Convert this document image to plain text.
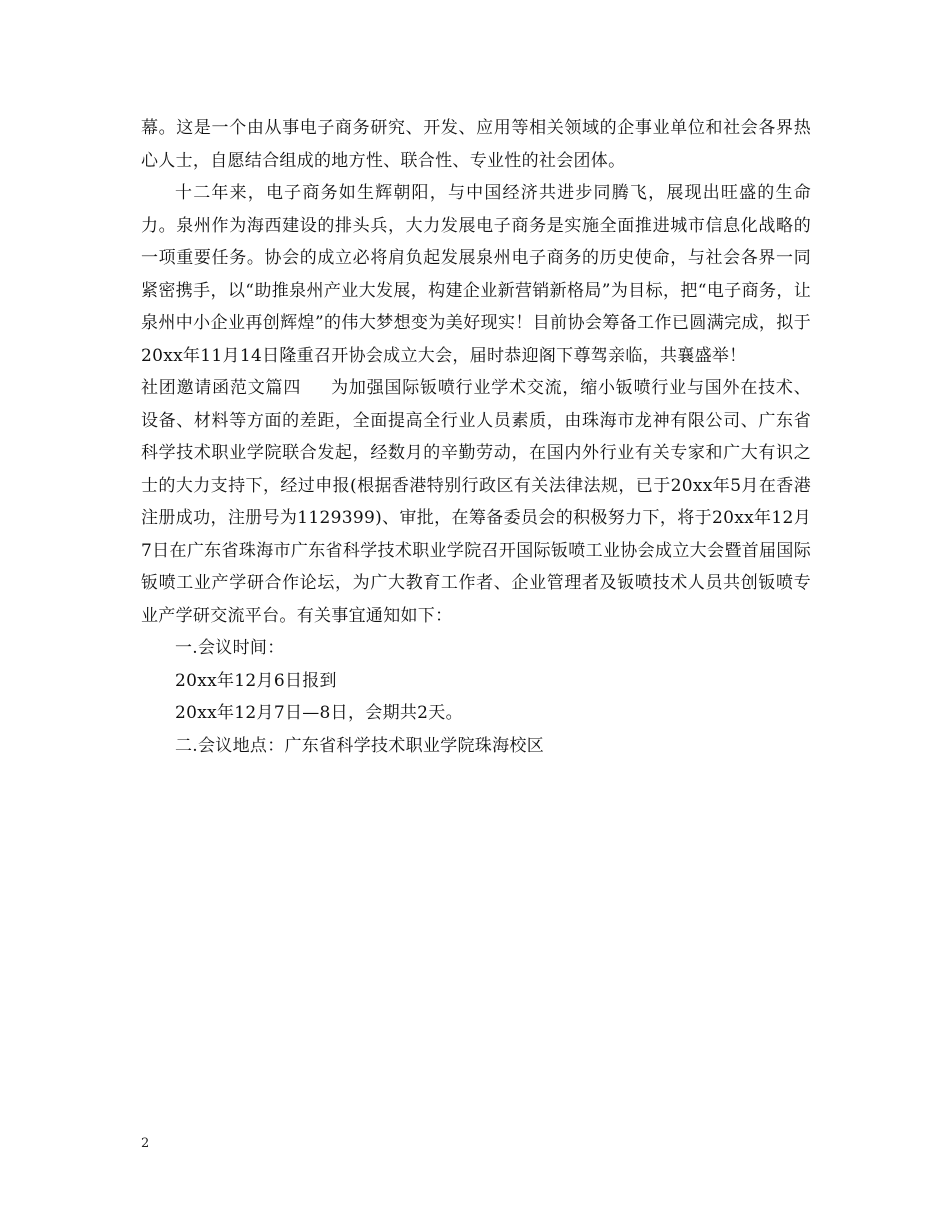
幕。这是一个由从事电子商务研究、开发、应用等相关领域的企事业单位和社会各界热心人士，自愿结合组成的地方性、联合性、专业性的社会团体。

十二年来，电子商务如生辉朝阳，与中国经济共进步同腾飞，展现出旺盛的生命力。泉州作为海西建设的排头兵，大力发展电子商务是实施全面推进城市信息化战略的一项重要任务。协会的成立必将肩负起发展泉州电子商务的历史使命，与社会各界一同紧密携手，以“助推泉州产业大发展，构建企业新营销新格局”为目标，把“电子商务，让泉州中小企业再创辉煌”的伟大梦想变为美好现实！目前协会筹备工作已圆满完成，拟于20xx年11月14日隆重召开协会成立大会，届时恭迎阁下尊驾亲临，共襄盛举！

社团邀请函范文篇四 为加强国际钣喷行业学术交流，缩小钣喷行业与国外在技术、设备、材料等方面的差距，全面提高全行业人员素质，由珠海市龙神有限公司、广东省科学技术职业学院联合发起，经数月的辛勤劳动，在国内外行业有关专家和广大有识之士的大力支持下，经过申报(根据香港特别行政区有关法律法规，已于20xx年5月在香港注册成功，注册号为1129399)、审批，在筹备委员会的积极努力下，将于20xx年12月7日在广东省珠海市广东省科学技术职业学院召开国际钣喷工业协会成立大会暨首届国际钣喷工业产学研合作论坛，为广大教育工作者、企业管理者及钣喷技术人员共创钣喷专业产学研交流平台。有关事宜通知如下：

一.会议时间：

20xx年12月6日报到

20xx年12月7日—8日，会期共2天。

二.会议地点：广东省科学技术职业学院珠海校区

2
